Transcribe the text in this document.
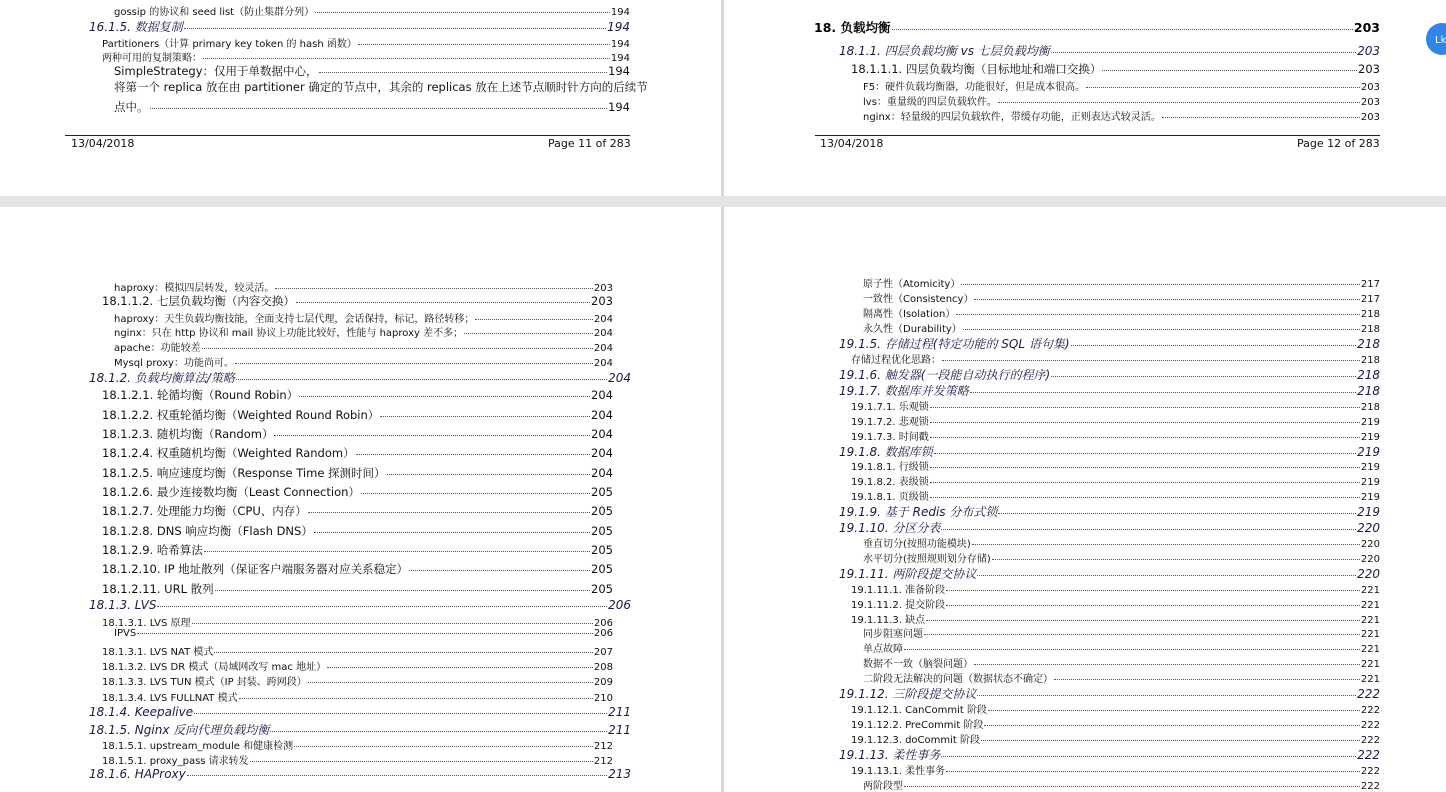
gossip 的协议和 seed list（防止集群分列）	194
16.1.5. 数据复制	194
Partitioners（计算 primary key token 的 hash 函数）	194
两种可用的复制策略：	194
SimpleStrategy：仅用于单数据中心，	194
将第一个 replica 放在由 partitioner 确定的节点中，其余的 replicas 放在上述节点顺时针方向的后续节
点中。	194
13/04/2018	Page 11 of 283
18. 负载均衡	203
18.1.1. 四层负载均衡 vs 七层负载均衡	203
18.1.1.1. 四层负载均衡（目标地址和端口交换）	203
F5：硬件负载均衡器，功能很好，但是成本很高。	203
lvs：重量级的四层负载软件。	203
nginx：轻量级的四层负载软件，带缓存功能，正则表达式较灵活。	203
13/04/2018	Page 12 of 283
haproxy：模拟四层转发，较灵活。	203
18.1.1.2. 七层负载均衡（内容交换）	203
haproxy：天生负载均衡技能，全面支持七层代理，会话保持，标记，路径转移；	204
nginx：只在 http 协议和 mail 协议上功能比较好，性能与 haproxy 差不多；	204
apache：功能较差	204
Mysql proxy：功能尚可。	204
18.1.2. 负载均衡算法/策略	204
18.1.2.1. 轮循均衡（Round Robin）	204
18.1.2.2. 权重轮循均衡（Weighted Round Robin）	204
18.1.2.3. 随机均衡（Random）	204
18.1.2.4. 权重随机均衡（Weighted Random）	204
18.1.2.5. 响应速度均衡（Response Time 探测时间）	204
18.1.2.6. 最少连接数均衡（Least Connection）	205
18.1.2.7. 处理能力均衡（CPU、内存）	205
18.1.2.8. DNS 响应均衡（Flash DNS）	205
18.1.2.9. 哈希算法	205
18.1.2.10. IP 地址散列（保证客户端服务器对应关系稳定）	205
18.1.2.11. URL 散列	205
18.1.3. LVS	206
18.1.3.1. LVS 原理	206
IPVS	206
18.1.3.1. LVS NAT 模式	207
18.1.3.2. LVS DR 模式（局域网改写 mac 地址）	208
18.1.3.3. LVS TUN 模式（IP 封装、跨网段）	209
18.1.3.4. LVS FULLNAT 模式	210
18.1.4. Keepalive	211
18.1.5. Nginx 反向代理负载均衡	211
18.1.5.1. upstream_module 和健康检测	212
18.1.5.1. proxy_pass 请求转发	212
18.1.6. HAProxy	213
原子性（Atomicity）	217
一致性（Consistency）	217
隔离性（Isolation）	218
永久性（Durability）	218
19.1.5. 存储过程(特定功能的 SQL 语句集)	218
存储过程优化思路：	218
19.1.6. 触发器(一段能自动执行的程序)	218
19.1.7. 数据库并发策略	218
19.1.7.1. 乐观锁	218
19.1.7.2. 悲观锁	219
19.1.7.3. 时间戳	219
19.1.8. 数据库锁	219
19.1.8.1. 行级锁	219
19.1.8.2. 表级锁	219
19.1.8.1. 页级锁	219
19.1.9. 基于 Redis 分布式锁	219
19.1.10. 分区分表	220
垂直切分(按照功能模块)	220
水平切分(按照规则划分存储)	220
19.1.11. 两阶段提交协议	220
19.1.11.1. 准备阶段	221
19.1.11.2. 提交阶段	221
19.1.11.3. 缺点	221
同步阻塞问题	221
单点故障	221
数据不一致（脑裂问题）	221
二阶段无法解决的问题（数据状态不确定）	221
19.1.12. 三阶段提交协议	222
19.1.12.1. CanCommit 阶段	222
19.1.12.2. PreCommit 阶段	222
19.1.12.3. doCommit 阶段	222
19.1.13. 柔性事务	222
19.1.13.1. 柔性事务	222
两阶段型	222
Lk
